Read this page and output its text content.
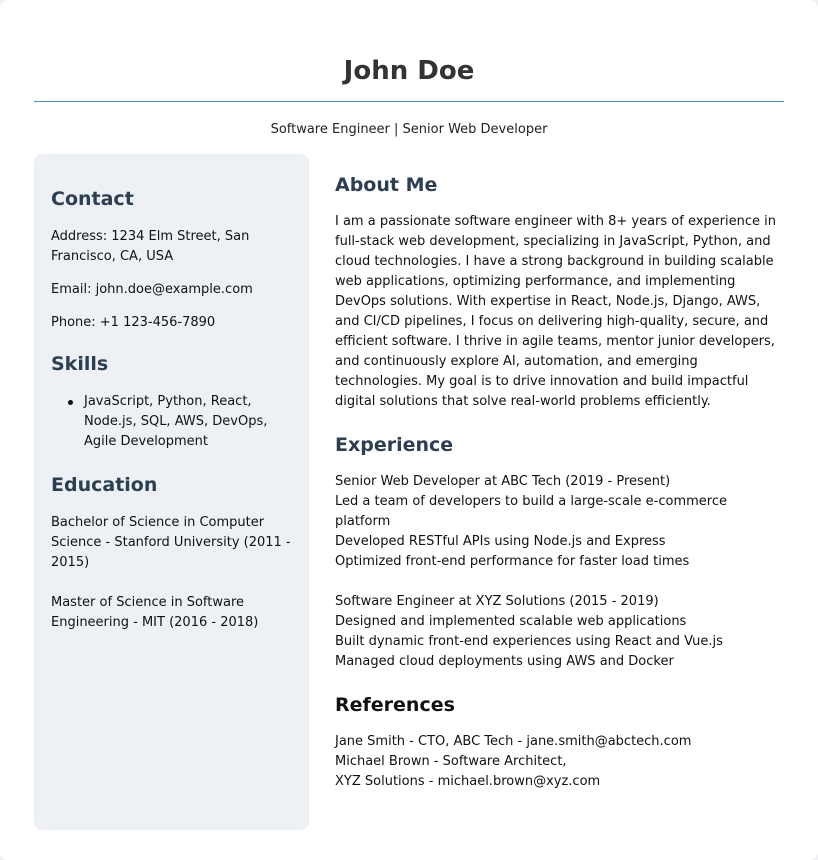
John Doe
Software Engineer | Senior Web Developer
Contact
Address: 1234 Elm Street, San Francisco, CA, USA
Email: john.doe@example.com
Phone: +1 123-456-7890
Skills
JavaScript, Python, React, Node.js, SQL, AWS, DevOps, Agile Development
Education
Bachelor of Science in Computer Science - Stanford University (2011 - 2015)
Master of Science in Software Engineering - MIT (2016 - 2018)
About Me
I am a passionate software engineer with 8+ years of experience in full-stack web development, specializing in JavaScript, Python, and cloud technologies. I have a strong background in building scalable web applications, optimizing performance, and implementing DevOps solutions. With expertise in React, Node.js, Django, AWS, and CI/CD pipelines, I focus on delivering high-quality, secure, and efficient software. I thrive in agile teams, mentor junior developers, and continuously explore AI, automation, and emerging technologies. My goal is to drive innovation and build impactful digital solutions that solve real-world problems efficiently.
Experience
Senior Web Developer at ABC Tech (2019 - Present)
Led a team of developers to build a large-scale e-commerce platform
Developed RESTful APIs using Node.js and Express
Optimized front-end performance for faster load times
Software Engineer at XYZ Solutions (2015 - 2019)
Designed and implemented scalable web applications
Built dynamic front-end experiences using React and Vue.js
Managed cloud deployments using AWS and Docker
References
Jane Smith - CTO, ABC Tech - jane.smith@abctech.com
Michael Brown - Software Architect,
XYZ Solutions - michael.brown@xyz.com
